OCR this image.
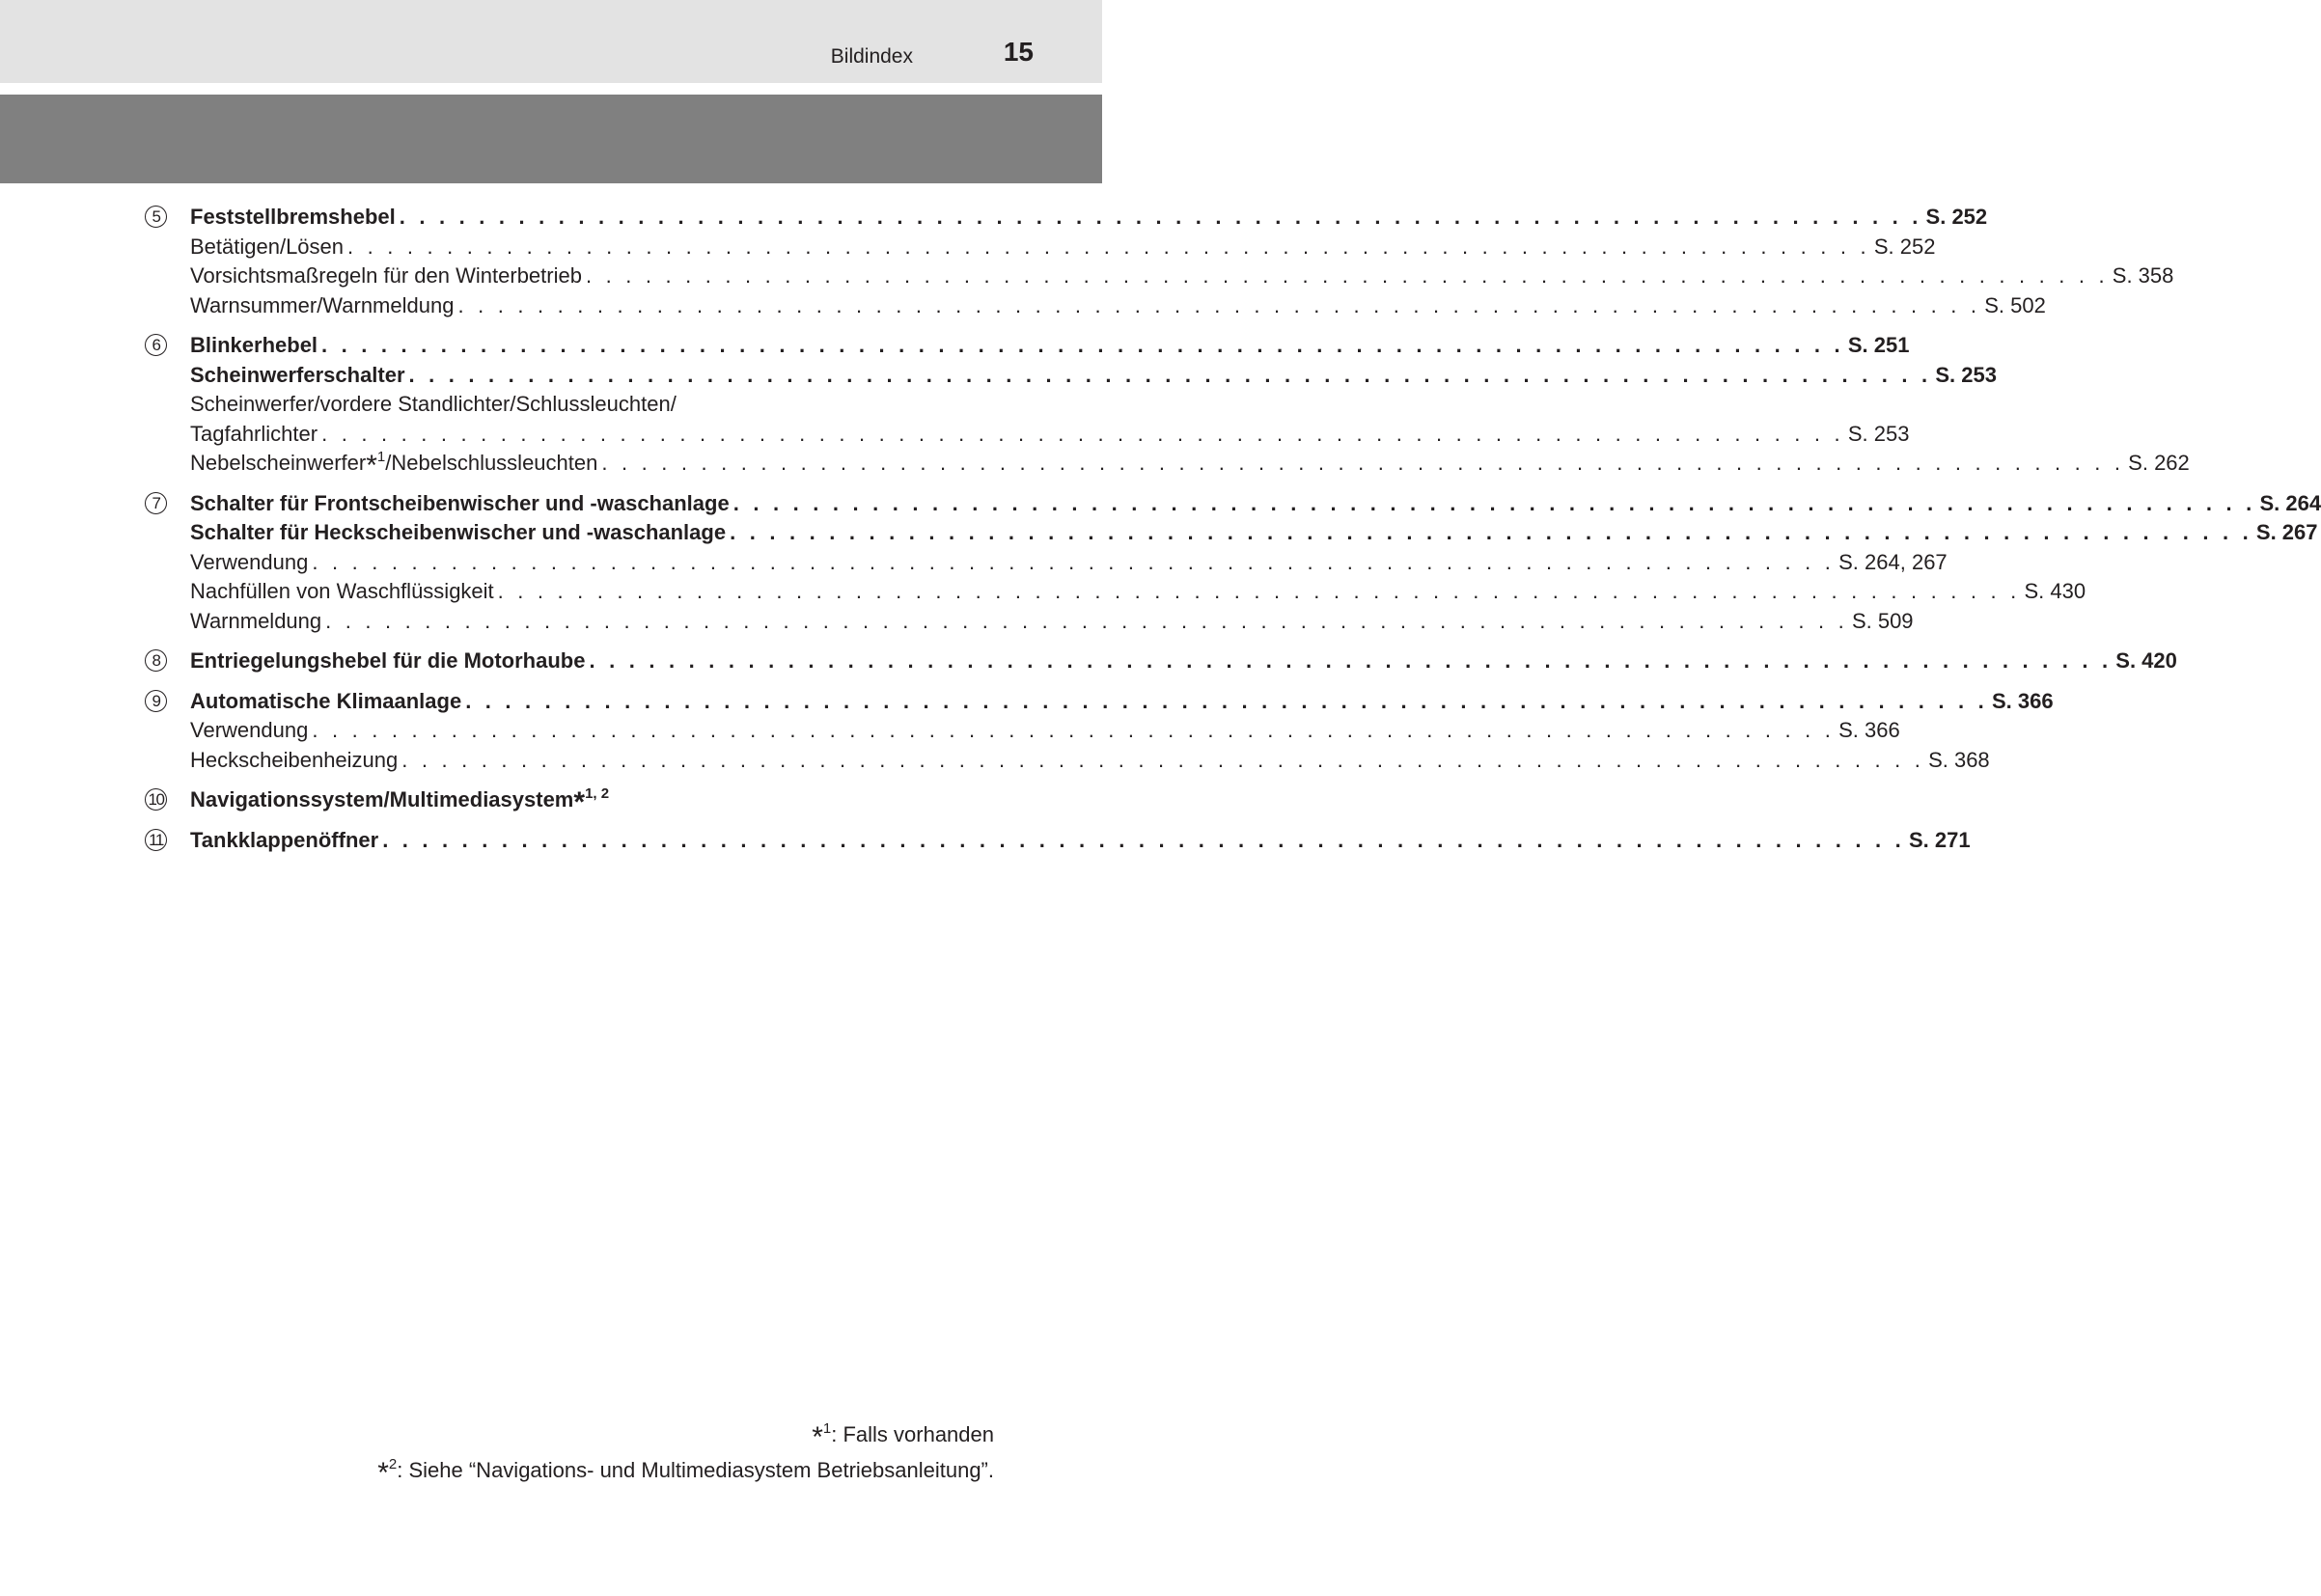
Bildindex	15
5	Feststellbremshebel . . . . . . . . . . . . . . . . . . . . . . . . . . . . . . . . . . . . . . . . . . . . . . . . . . . . . . . . . . . . . . . . . . . . . . . . . . . . . S. 252
Betätigen/Lösen . . . . . . . . . . . . . . . . . . . . . . . . . . . . . . . . . . . . . . . . . . . . . . . . . . . . . . . . . . . . . . . . . . . . . . . . . . . . . S. 252
Vorsichtsmaßregeln für den Winterbetrieb . . . . . . . . . . . . . . . . . . . . . . . . . . . . . . . . . . . . . . . . . . . . . . . . . . . . . . . . . . . . . . . . . . . . . . . . . . . . . S. 358
Warnsummer/Warnmeldung . . . . . . . . . . . . . . . . . . . . . . . . . . . . . . . . . . . . . . . . . . . . . . . . . . . . . . . . . . . . . . . . . . . . . . . . . . . . . S. 502
6	Blinkerhebel . . . . . . . . . . . . . . . . . . . . . . . . . . . . . . . . . . . . . . . . . . . . . . . . . . . . . . . . . . . . . . . . . . . . . . . . . . . . . S. 251
Scheinwerferschalter . . . . . . . . . . . . . . . . . . . . . . . . . . . . . . . . . . . . . . . . . . . . . . . . . . . . . . . . . . . . . . . . . . . . . . . . . . . . . S. 253
Scheinwerfer/vordere Standlichter/Schlussleuchten/
Tagfahrlichter . . . . . . . . . . . . . . . . . . . . . . . . . . . . . . . . . . . . . . . . . . . . . . . . . . . . . . . . . . . . . . . . . . . . . . . . . . . . . S. 253
Nebelscheinwerfer$^{*1}$/Nebelschlussleuchten . . . . . . . . . . . . . . . . . . . . . . . . . . . . . . . . . . . . . . . . . . . . . . . . . . . . . . . . . . . . . . . . . . . . . . . . . . . . . S. 262
7	Schalter für Frontscheibenwischer und -waschanlage . . . . . . . . . . . . . . . . . . . . . . . . . . . . . . . . . . . . . . . . . . . . . . . . . . . . . . . . . . . . . . . . . . . . . . . . . . . . . S. 264
Schalter für Heckscheibenwischer und -waschanlage . . . . . . . . . . . . . . . . . . . . . . . . . . . . . . . . . . . . . . . . . . . . . . . . . . . . . . . . . . . . . . . . . . . . . . . . . . . . . S. 267
Verwendung . . . . . . . . . . . . . . . . . . . . . . . . . . . . . . . . . . . . . . . . . . . . . . . . . . . . . . . . . . . . . . . . . . . . . . . . . . . . . S. 264, 267
Nachfüllen von Waschflüssigkeit . . . . . . . . . . . . . . . . . . . . . . . . . . . . . . . . . . . . . . . . . . . . . . . . . . . . . . . . . . . . . . . . . . . . . . . . . . . . . S. 430
Warnmeldung . . . . . . . . . . . . . . . . . . . . . . . . . . . . . . . . . . . . . . . . . . . . . . . . . . . . . . . . . . . . . . . . . . . . . . . . . . . . . S. 509
8	Entriegelungshebel für die Motorhaube . . . . . . . . . . . . . . . . . . . . . . . . . . . . . . . . . . . . . . . . . . . . . . . . . . . . . . . . . . . . . . . . . . . . . . . . . . . . . S. 420
9	Automatische Klimaanlage . . . . . . . . . . . . . . . . . . . . . . . . . . . . . . . . . . . . . . . . . . . . . . . . . . . . . . . . . . . . . . . . . . . . . . . . . . . . . S. 366
Verwendung . . . . . . . . . . . . . . . . . . . . . . . . . . . . . . . . . . . . . . . . . . . . . . . . . . . . . . . . . . . . . . . . . . . . . . . . . . . . . S. 366
Heckscheibenheizung . . . . . . . . . . . . . . . . . . . . . . . . . . . . . . . . . . . . . . . . . . . . . . . . . . . . . . . . . . . . . . . . . . . . . . . . . . . . . S. 368
10 Navigationssystem/Multimediasystem$^{*1, 2}$
11 Tankklappenöffner . . . . . . . . . . . . . . . . . . . . . . . . . . . . . . . . . . . . . . . . . . . . . . . . . . . . . . . . . . . . . . . . . . . . . . . . . . . . . S. 271
*$^1$: Falls vorhanden
*$^2$: Siehe “Navigations- und Multimediasystem Betriebsanleitung”.
